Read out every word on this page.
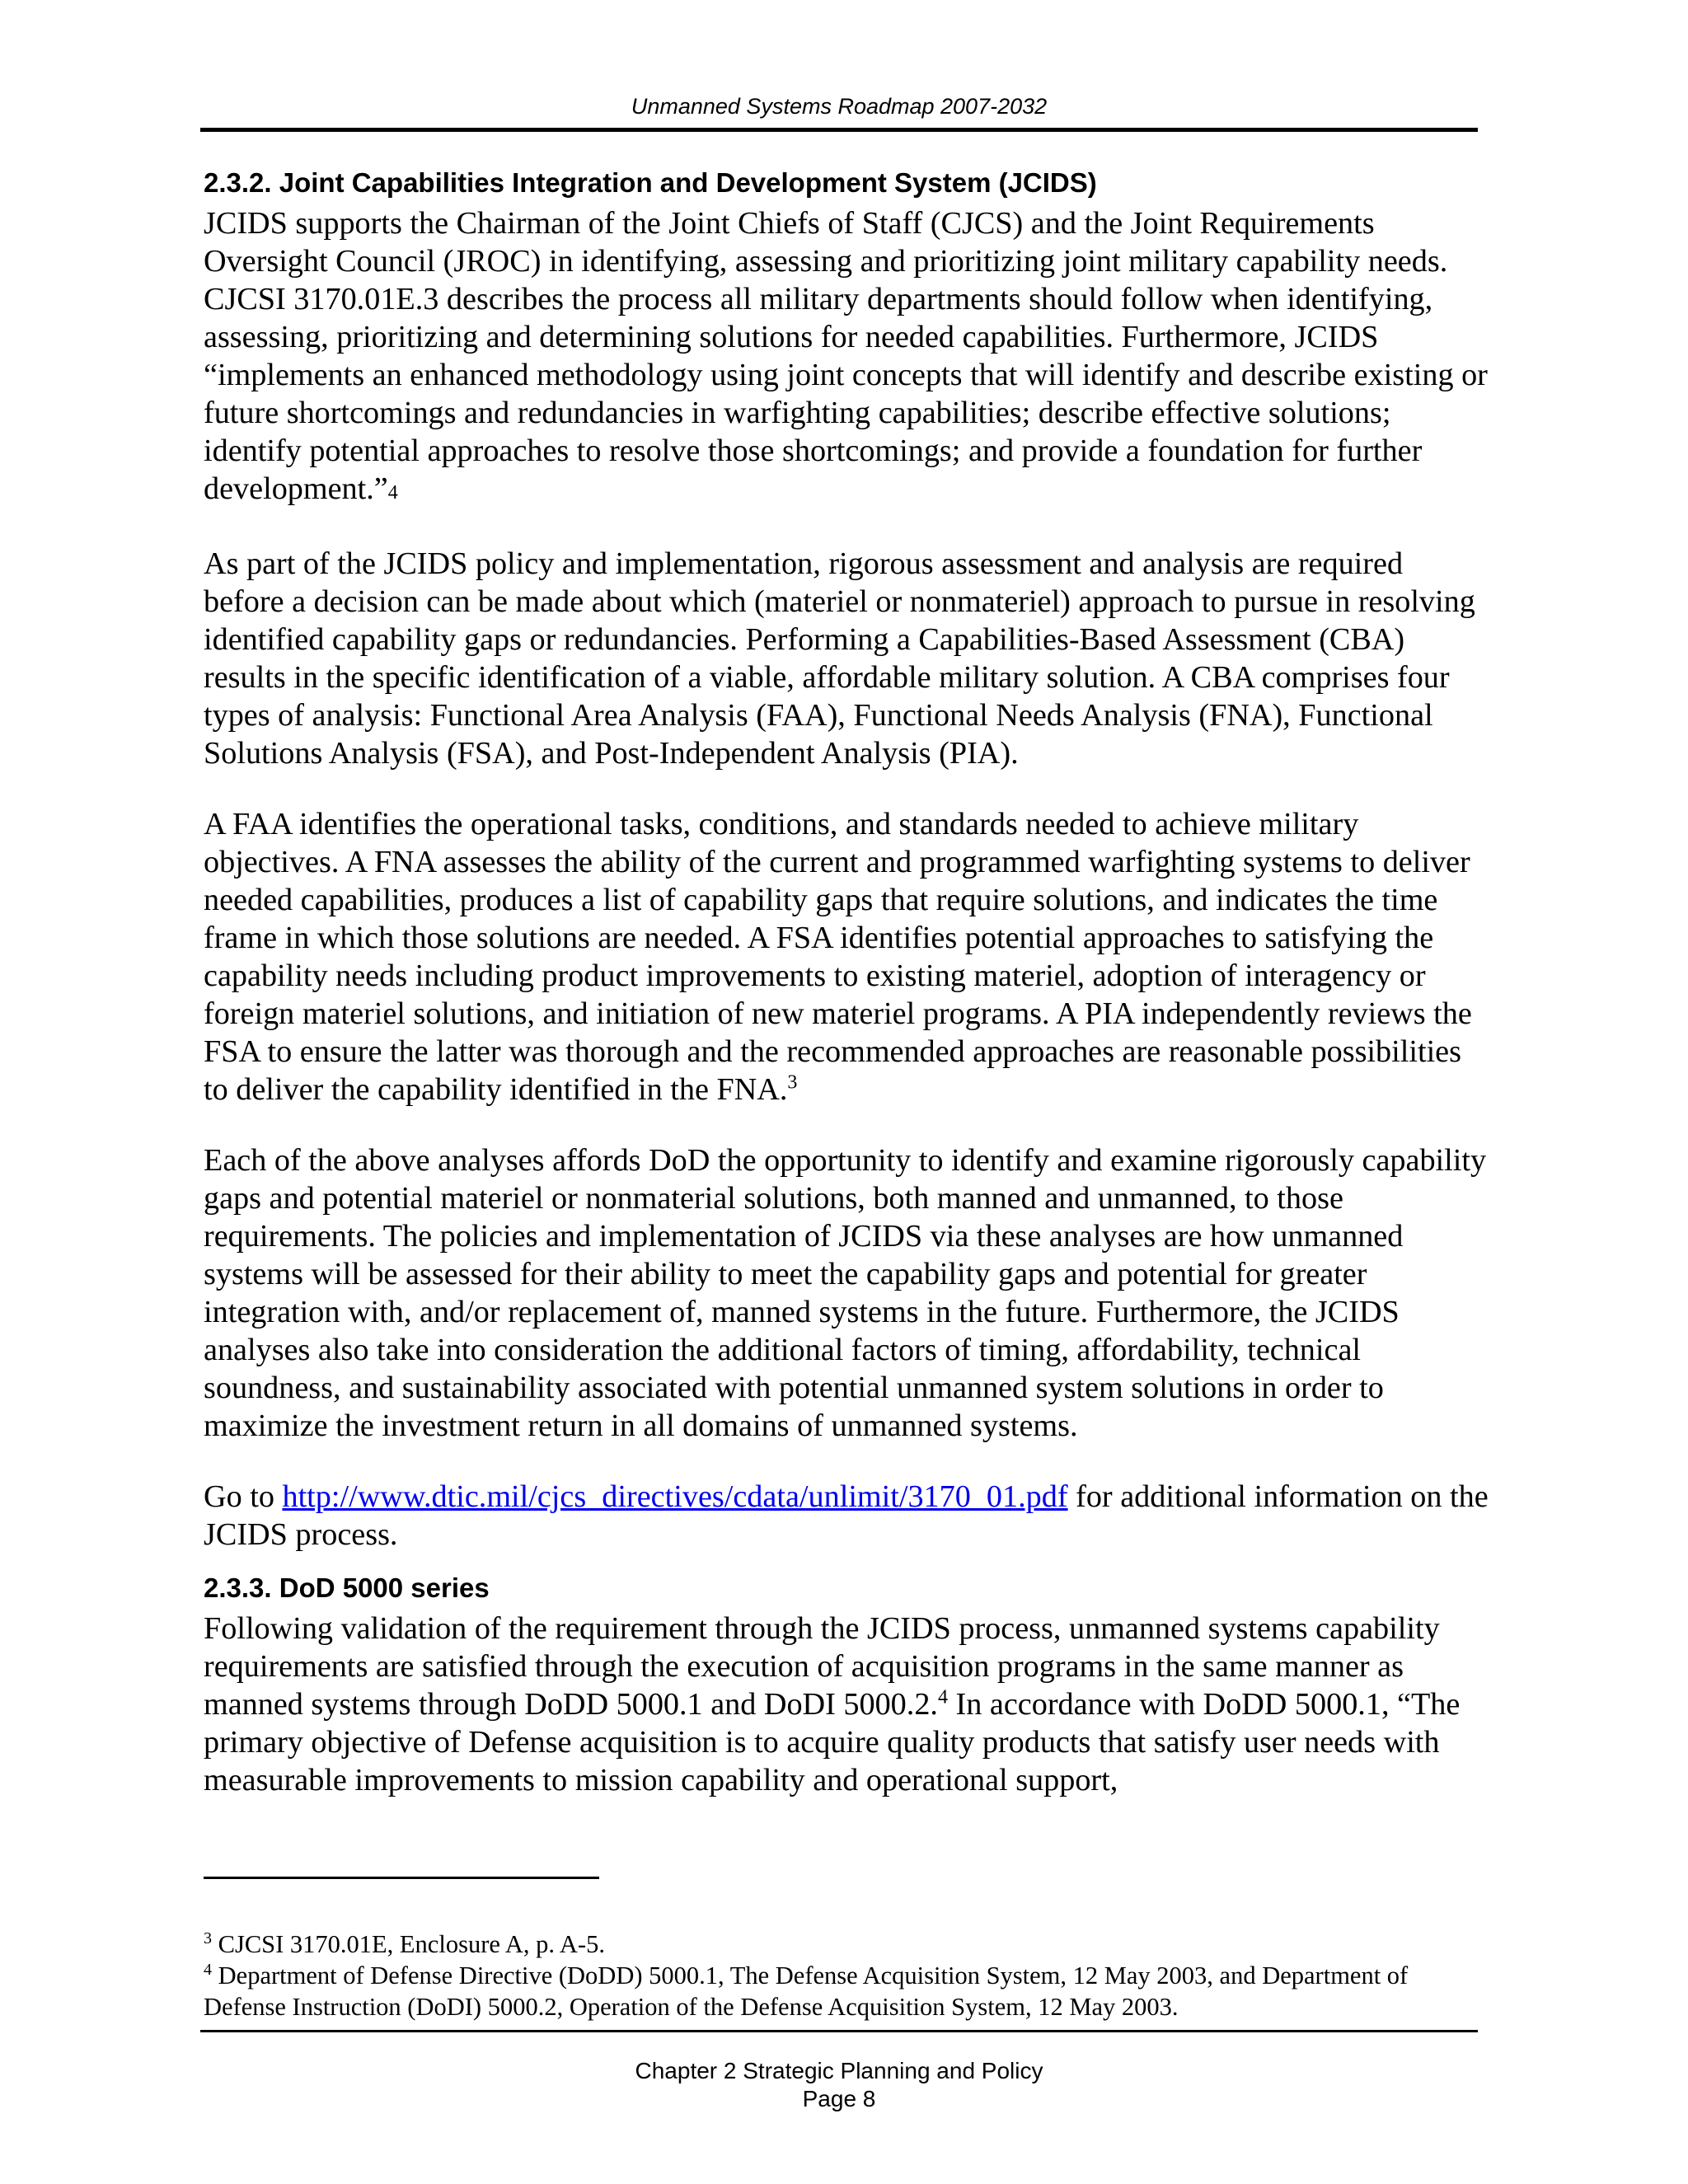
Unmanned Systems Roadmap 2007-2032
2.3.2. Joint Capabilities Integration and Development System (JCIDS)

JCIDS supports the Chairman of the Joint Chiefs of Staff (CJCS) and the Joint Requirements Oversight Council (JROC) in identifying, assessing and prioritizing joint military capability needs. CJCSI 3170.01E.3 describes the process all military departments should follow when identifying, assessing, prioritizing and determining solutions for needed capabilities. Furthermore, JCIDS “implements an enhanced methodology using joint concepts that will identify and describe existing or future shortcomings and redundancies in warfighting capabilities; describe effective solutions; identify potential approaches to resolve those shortcomings; and provide a foundation for further development.”4

As part of the JCIDS policy and implementation, rigorous assessment and analysis are required before a decision can be made about which (materiel or nonmateriel) approach to pursue in resolving identified capability gaps or redundancies. Performing a Capabilities-Based Assessment (CBA) results in the specific identification of a viable, affordable military solution. A CBA comprises four types of analysis: Functional Area Analysis (FAA), Functional Needs Analysis (FNA), Functional Solutions Analysis (FSA), and Post-Independent Analysis (PIA).

A FAA identifies the operational tasks, conditions, and standards needed to achieve military objectives. A FNA assesses the ability of the current and programmed warfighting systems to deliver needed capabilities, produces a list of capability gaps that require solutions, and indicates the time frame in which those solutions are needed. A FSA identifies potential approaches to satisfying the capability needs including product improvements to existing materiel, adoption of interagency or foreign materiel solutions, and initiation of new materiel programs. A PIA independently reviews the FSA to ensure the latter was thorough and the recommended approaches are reasonable possibilities to deliver the capability identified in the FNA.$^3$

Each of the above analyses affords DoD the opportunity to identify and examine rigorously capability gaps and potential materiel or nonmaterial solutions, both manned and unmanned, to those requirements. The policies and implementation of JCIDS via these analyses are how unmanned systems will be assessed for their ability to meet the capability gaps and potential for greater integration with, and/or replacement of, manned systems in the future. Furthermore, the JCIDS analyses also take into consideration the additional factors of timing, affordability, technical soundness, and sustainability associated with potential unmanned system solutions in order to maximize the investment return in all domains of unmanned systems.

Go to http://www.dtic.mil/cjcs_directives/cdata/unlimit/3170_01.pdf for additional information on the JCIDS process.

2.3.3. DoD 5000 series

Following validation of the requirement through the JCIDS process, unmanned systems capability requirements are satisfied through the execution of acquisition programs in the same manner as manned systems through DoDD 5000.1 and DoDI 5000.2.$^4$ In accordance with DoDD 5000.1, “The primary objective of Defense acquisition is to acquire quality products that satisfy user needs with measurable improvements to mission capability and operational support,

$^3$ CJCSI 3170.01E, Enclosure A, p. A-5.

$^4$ Department of Defense Directive (DoDD) 5000.1, The Defense Acquisition System, 12 May 2003, and Department of Defense Instruction (DoDI) 5000.2, Operation of the Defense Acquisition System, 12 May 2003.

Chapter 2 Strategic Planning and Policy
Page 8
